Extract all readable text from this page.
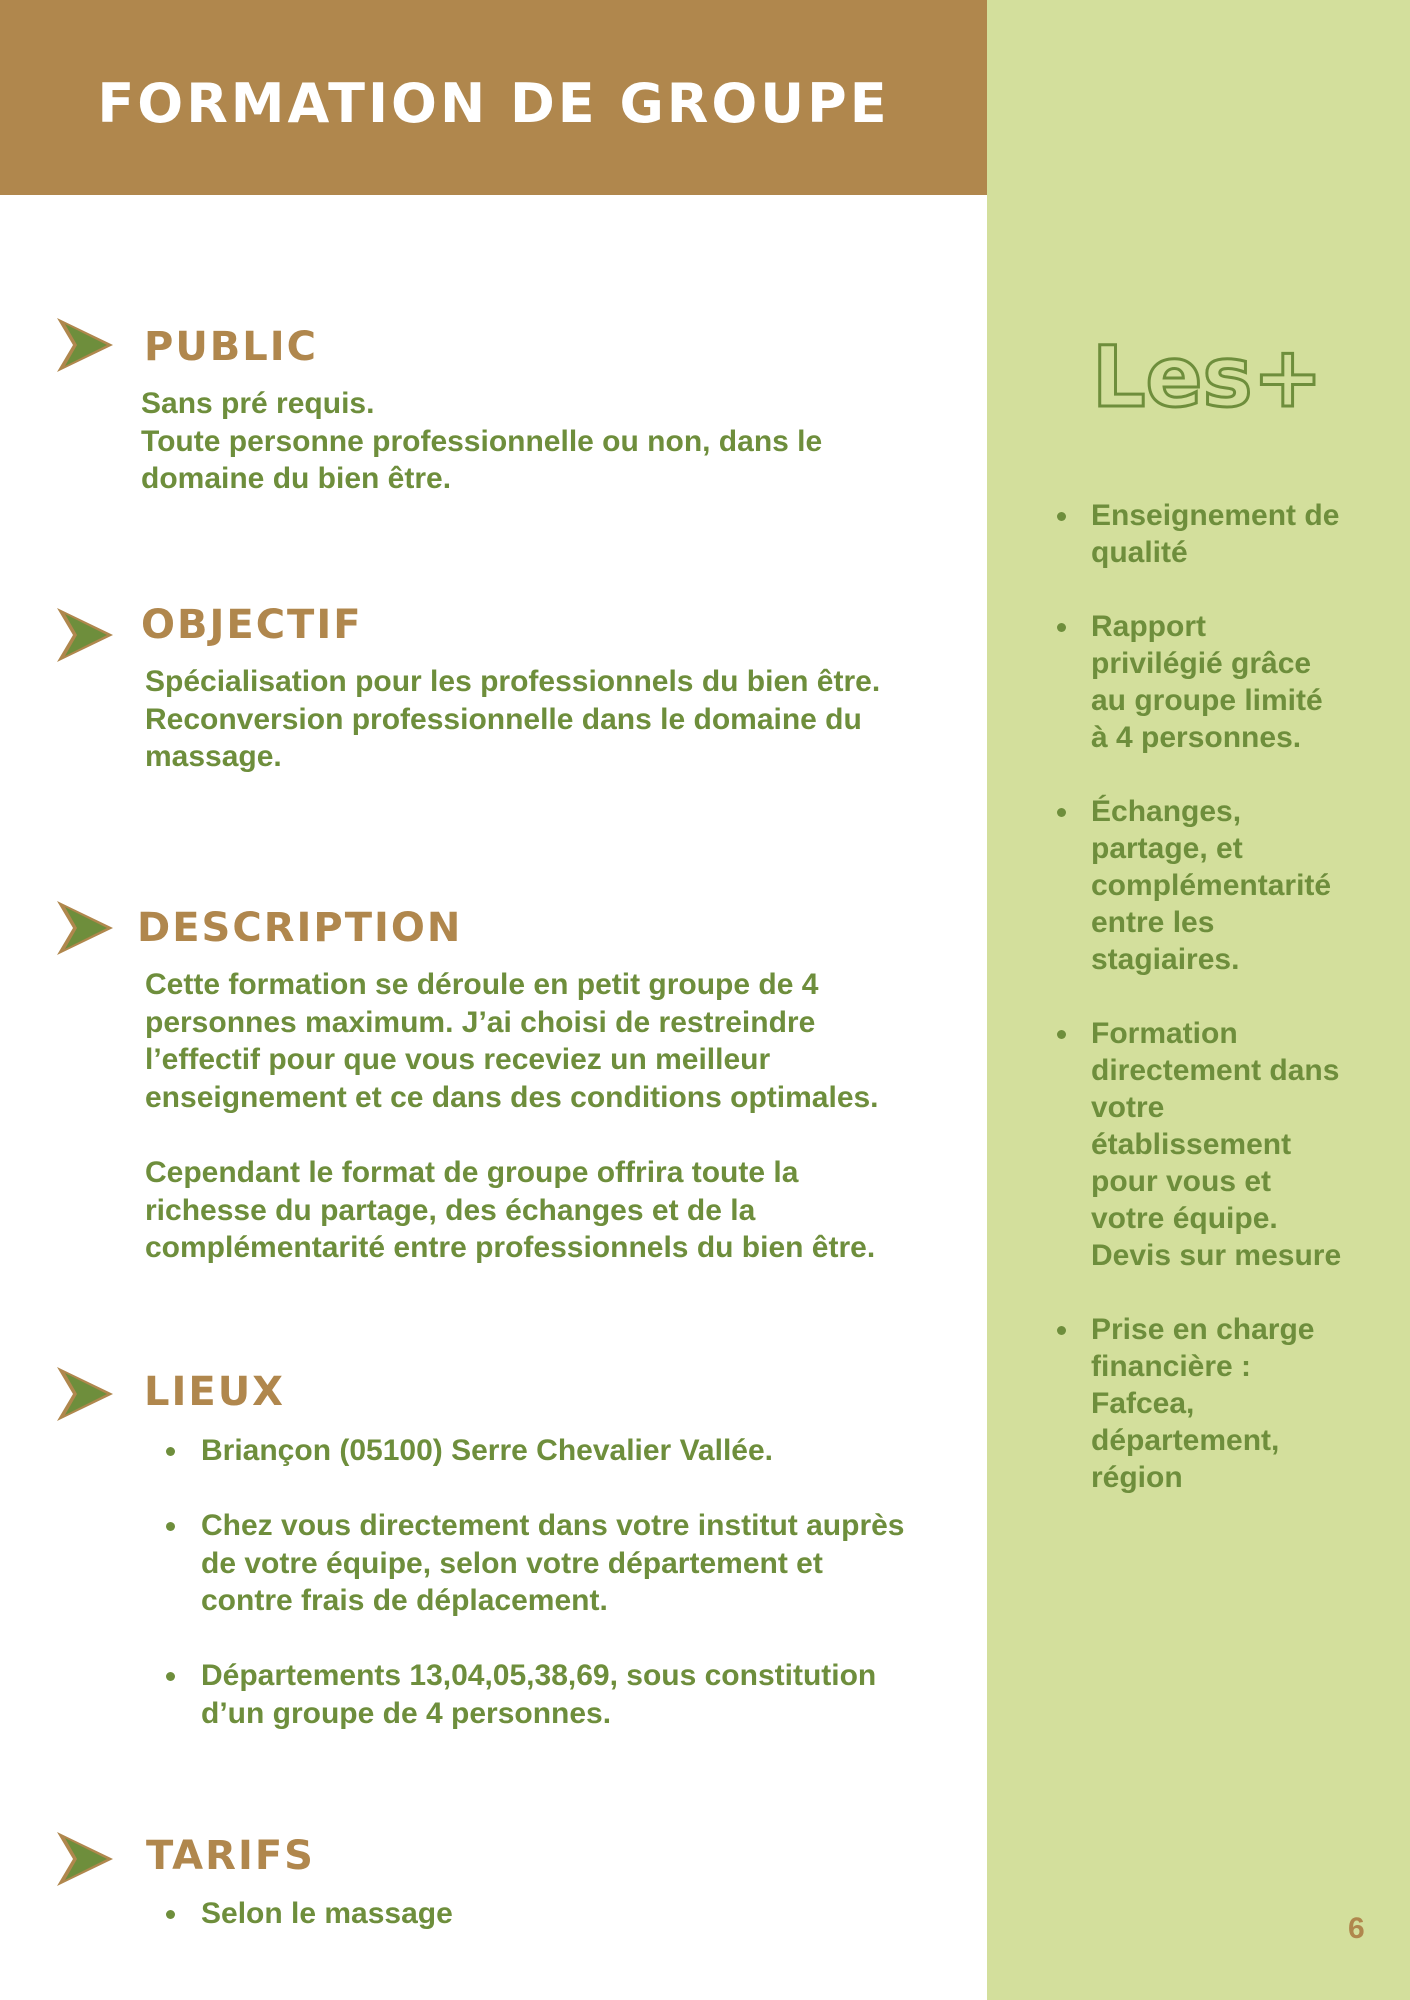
FORMATION DE GROUPE
PUBLIC
Sans pré requis.
Toute personne professionnelle ou non, dans le
domaine du bien être.
OBJECTIF
Spécialisation pour les professionnels du bien être.
Reconversion professionnelle dans le domaine du
massage.
DESCRIPTION
Cette formation se déroule en petit groupe de 4
personnes maximum. J’ai choisi de restreindre
l’effectif pour que vous receviez un meilleur
enseignement et ce dans des conditions optimales.
Cependant le format de groupe offrira toute la
richesse du partage, des échanges et de la
complémentarité entre professionnels du bien être.
LIEUX
Briançon (05100) Serre Chevalier Vallée.
Chez vous directement dans votre institut auprès
de votre équipe, selon votre département et
contre frais de déplacement.
Départements 13,04,05,38,69, sous constitution
d’un groupe de 4 personnes.
TARIFS
Selon le massage
Les+
Enseignement de
qualité
Rapport
privilégié grâce
au groupe limité
à 4 personnes.
Échanges,
partage, et
complémentarité
entre les
stagiaires.
Formation
directement dans
votre
établissement
pour vous et
votre équipe.
Devis sur mesure
Prise en charge
financière :
Fafcea,
département,
région
6
